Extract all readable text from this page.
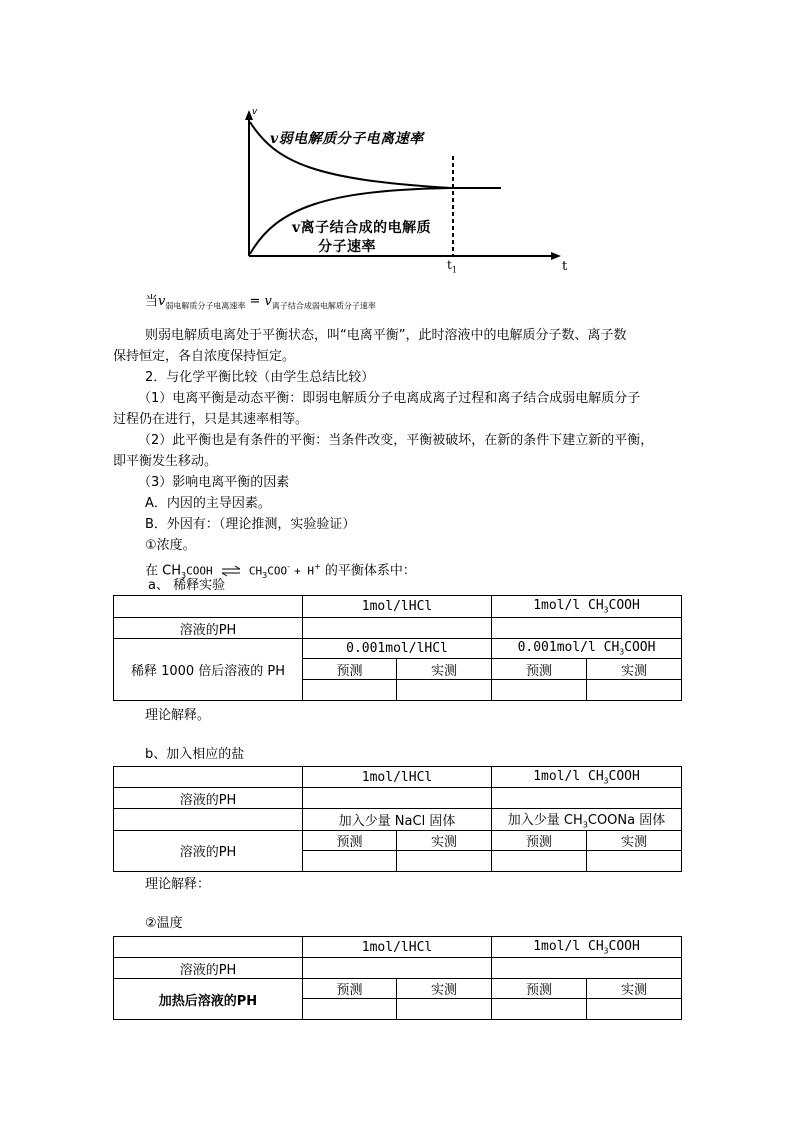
v
v弱电解质分子电离速率
v离子结合成的电解质
分子速率
$t_1$	t
当$v_{弱电解质分子电离速率} = v_{离子结合成弱电解质分子速率}$
则弱电解质电离处于平衡状态，叫“电离平衡”，此时溶液中的电解质分子数、离子数
保持恒定，各自浓度保持恒定。
2．与化学平衡比较（由学生总结比较）
（1）电离平衡是动态平衡：即弱电解质分子电离成离子过程和离子结合成弱电解质分子
过程仍在进行，只是其速率相等。
（2）此平衡也是有条件的平衡：当条件改变，平衡被破坏，在新的条件下建立新的平衡，
即平衡发生移动。
（3）影响电离平衡的因素
A．内因的主导因素。
B．外因有：（理论推测，实验验证）
①浓度。
在 $CH_3COOH$ ⇌ $CH_3COO^- + H^+$ 的平衡体系中：
a、 稀释实验
	1mol/lHCl		1mol/l $CH_3COOH$	
溶液的PH				
稀释 1000 倍后溶液的 PH	0.001mol/lHCl		0.001mol/l $CH_3COOH$	
	预测	实测	预测	实测

理论解释。
b、加入相应的盐
	1mol/lHCl		1mol/l $CH_3COOH$	
溶液的PH				
	加入少量 NaCl 固体		加入少量 $CH_3COONa$ 固体	
溶液的PH	预测	实测	预测	实测

理论解释：
②温度
	1mol/lHCl		1mol/l $CH_3COOH$	
溶液的PH				
加热后溶液的PH	预测	实测	预测	实测
